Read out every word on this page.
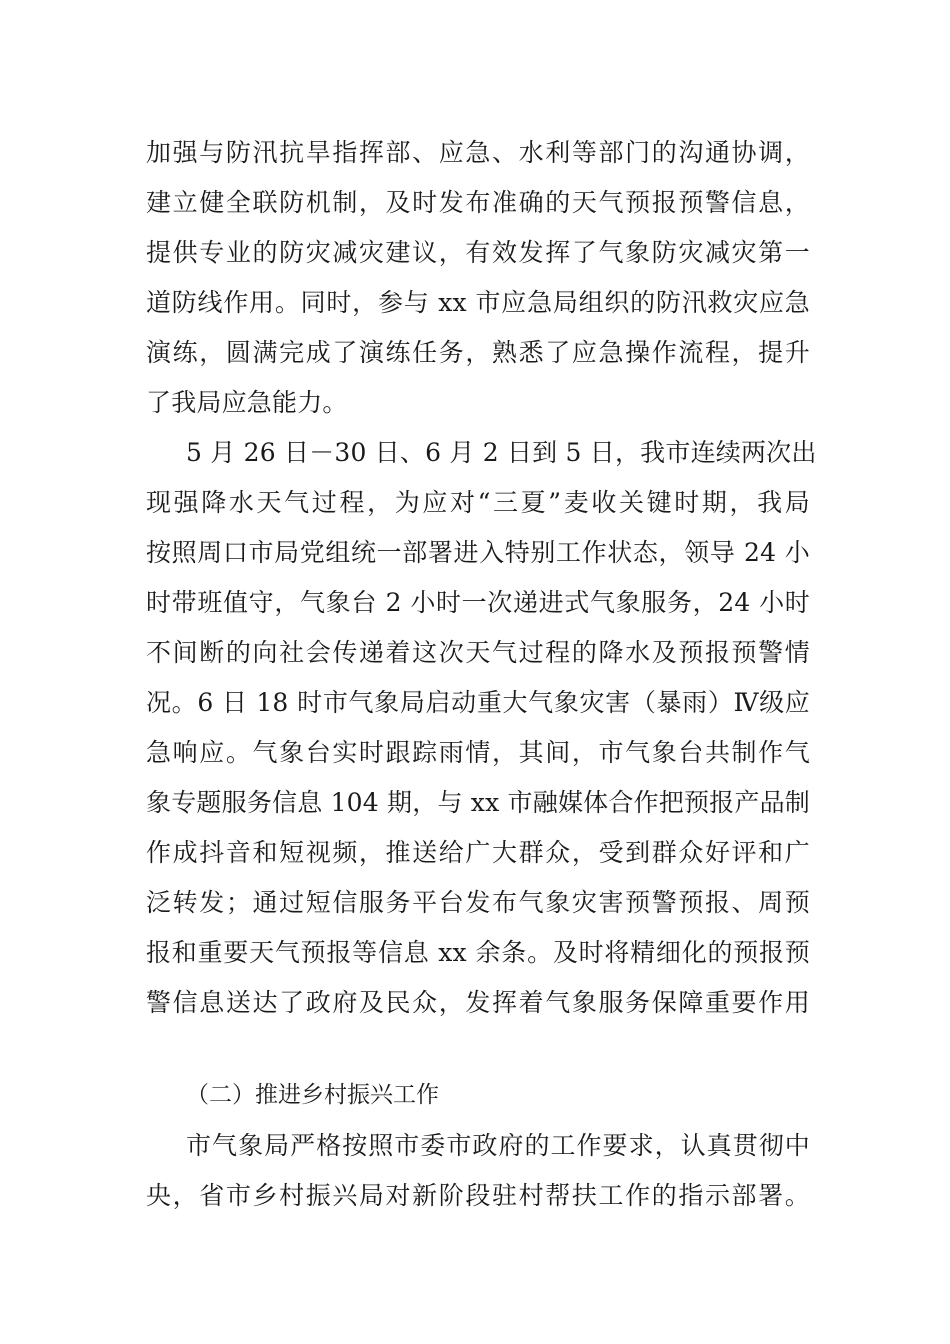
加强与防汛抗旱指挥部、应急、水利等部门的沟通协调，
建立健全联防机制，及时发布准确的天气预报预警信息，
提供专业的防灾减灾建议，有效发挥了气象防灾减灾第一
道防线作用。同时，参与 xx 市应急局组织的防汛救灾应急
演练，圆满完成了演练任务，熟悉了应急操作流程，提升
了我局应急能力。
5 月 26 日－30 日、6 月 2 日到 5 日，我市连续两次出
现强降水天气过程，为应对“三夏”麦收关键时期，我局
按照周口市局党组统一部署进入特别工作状态，领导 24 小
时带班值守，气象台 2 小时一次递进式气象服务，24 小时
不间断的向社会传递着这次天气过程的降水及预报预警情
况。6 日 18 时市气象局启动重大气象灾害（暴雨）Ⅳ级应
急响应。气象台实时跟踪雨情，其间，市气象台共制作气
象专题服务信息 104 期，与 xx 市融媒体合作把预报产品制
作成抖音和短视频，推送给广大群众，受到群众好评和广
泛转发；通过短信服务平台发布气象灾害预警预报、周预
报和重要天气预报等信息 xx 余条。及时将精细化的预报预
警信息送达了政府及民众，发挥着气象服务保障重要作用
（二）推进乡村振兴工作
市气象局严格按照市委市政府的工作要求，认真贯彻中
央，省市乡村振兴局对新阶段驻村帮扶工作的指示部署。
